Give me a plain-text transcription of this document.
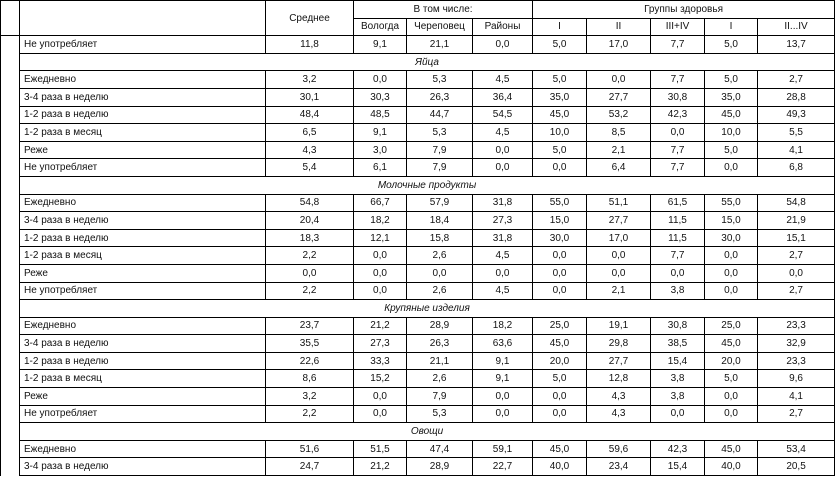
		Среднее	В том числе:			Группы здоровья				
			Вологда	Череповец	Районы	I	II	III+IV	I	II...IV
	Не употребляет	11,8	9,1	21,1	0,0	5,0	17,0	7,7	5,0	13,7
	Яйца									
	Ежедневно	3,2	0,0	5,3	4,5	5,0	0,0	7,7	5,0	2,7
	3-4 раза в неделю	30,1	30,3	26,3	36,4	35,0	27,7	30,8	35,0	28,8
	1-2 раза в неделю	48,4	48,5	44,7	54,5	45,0	53,2	42,3	45,0	49,3
	1-2 раза в месяц	6,5	9,1	5,3	4,5	10,0	8,5	0,0	10,0	5,5
	Реже	4,3	3,0	7,9	0,0	5,0	2,1	7,7	5,0	4,1
	Не употребляет	5,4	6,1	7,9	0,0	0,0	6,4	7,7	0,0	6,8
	Молочные продукты									
	Ежедневно	54,8	66,7	57,9	31,8	55,0	51,1	61,5	55,0	54,8
	3-4 раза в неделю	20,4	18,2	18,4	27,3	15,0	27,7	11,5	15,0	21,9
	1-2 раза в неделю	18,3	12,1	15,8	31,8	30,0	17,0	11,5	30,0	15,1
	1-2 раза в месяц	2,2	0,0	2,6	4,5	0,0	0,0	7,7	0,0	2,7
	Реже	0,0	0,0	0,0	0,0	0,0	0,0	0,0	0,0	0,0
	Не употребляет	2,2	0,0	2,6	4,5	0,0	2,1	3,8	0,0	2,7
	Крупяные изделия									
	Ежедневно	23,7	21,2	28,9	18,2	25,0	19,1	30,8	25,0	23,3
	3-4 раза в неделю	35,5	27,3	26,3	63,6	45,0	29,8	38,5	45,0	32,9
	1-2 раза в неделю	22,6	33,3	21,1	9,1	20,0	27,7	15,4	20,0	23,3
	1-2 раза в месяц	8,6	15,2	2,6	9,1	5,0	12,8	3,8	5,0	9,6
	Реже	3,2	0,0	7,9	0,0	0,0	4,3	3,8	0,0	4,1
	Не употребляет	2,2	0,0	5,3	0,0	0,0	4,3	0,0	0,0	2,7
	Овощи									
	Ежедневно	51,6	51,5	47,4	59,1	45,0	59,6	42,3	45,0	53,4
	3-4 раза в неделю	24,7	21,2	28,9	22,7	40,0	23,4	15,4	40,0	20,5
